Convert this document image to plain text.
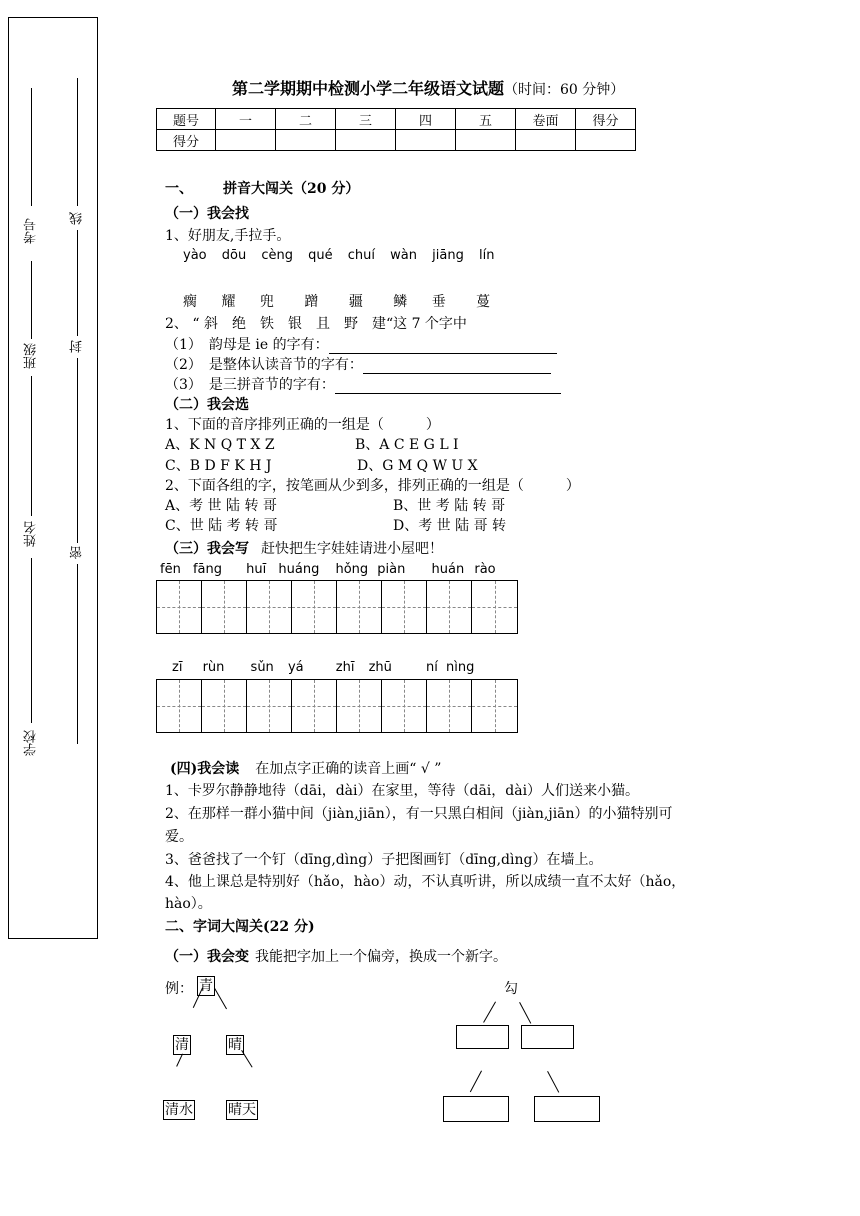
考号
班级
姓名
学校
线
封
密
第二学期期中检测小学二年级语文试题（时间：60 分钟）
题号	一	二	三	四	五	卷面	得分
得分							
一、 拼音大闯关（20 分）
（一）我会找
1、好朋友,手拉手。
yào dōu cèng qué chuí wàn jiāng lín
瘸 耀 兜 蹭 疆 鳞 垂 蔓
2、 “ 斜　绝　铁　银　且　野　建“这 7 个字中
（1）　韵母是 ie 的字有：
（2）　是整体认读音节的字有：
（3）　是三拼音节的字有：
（二）我会选
1、下面的音序排列正确的一组是（　　　）
A、K N Q T X Z	B、A C E G L I
C、B D F K H J	D、G M Q W U X
2、下面各组的字，按笔画从少到多，排列正确的一组是（　　　）
A、考 世 陆 转 哥	B、世 考 陆 转 哥
C、世 陆 考 转 哥	D、考 世 陆 哥 转
（三）我会写 赶快把生字娃娃请进小屋吧！
fēn fāng huī huáng hǒng piàn huán rào
zī rùn sǔn yá zhī zhū	ní nìng
(四)我会读 在加点字正确的读音上画“ √ ”
1、卡罗尔静静地待（dāi，dài）在家里，等待（dāi，dài）人们送来小猫。
2、在那样一群小猫中间（jiàn,jiān），有一只黑白相间（jiàn,jiān）的小猫特别可
爱。
3、爸爸找了一个钉（dīng,dìng）子把图画钉（dīng,dìng）在墙上。
4、他上课总是特别好（hǎo，hào）动，不认真听讲，所以成绩一直不太好（hǎo，
hào）。
二、字词大闯关(22 分)
（一）我会变 我能把字加上一个偏旁，换成一个新字。
例： 青
清	晴
清水	晴天
勾
